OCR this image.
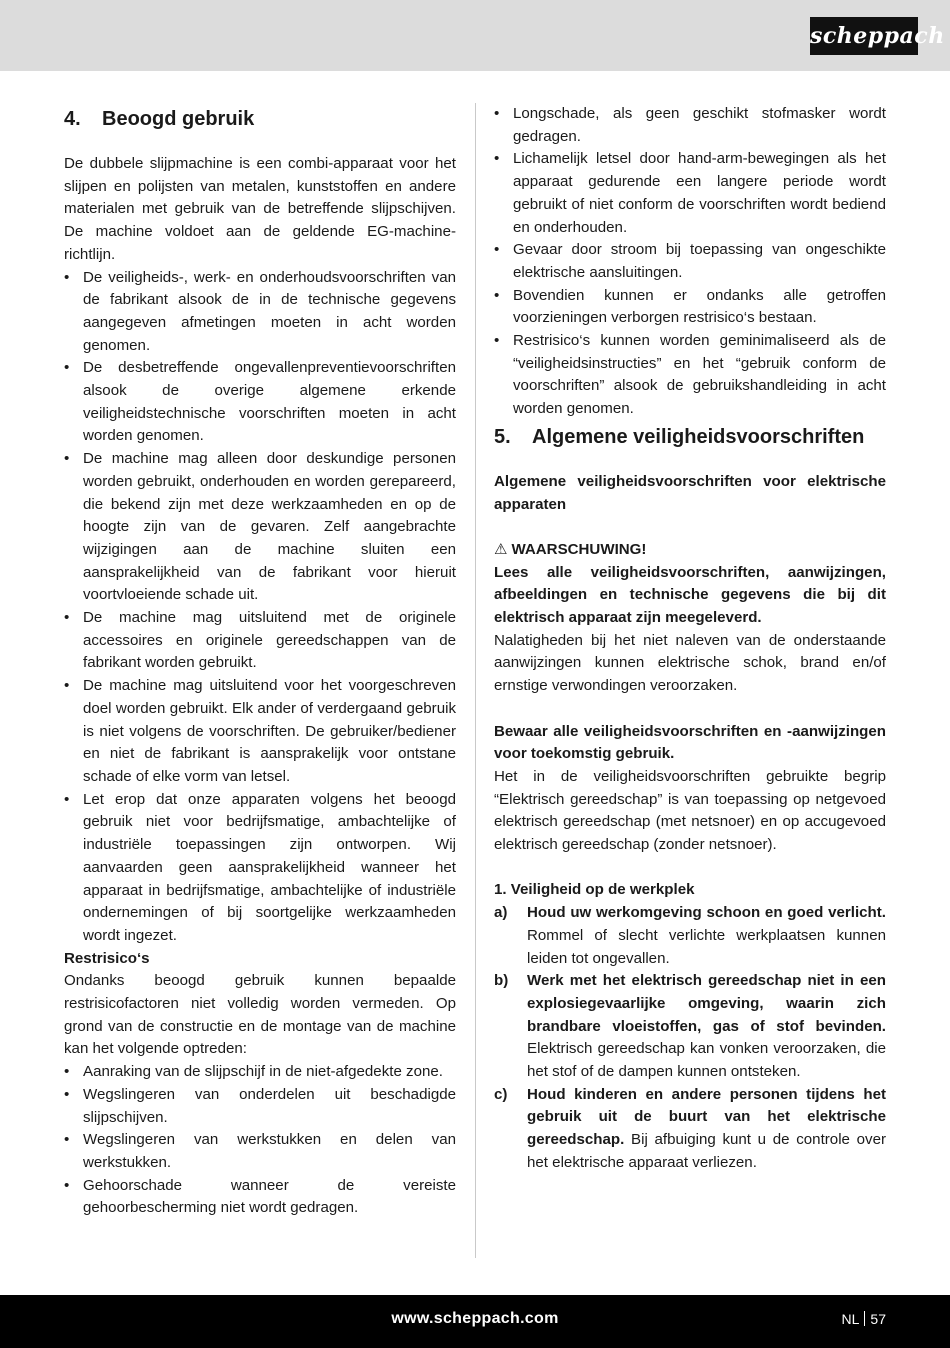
scheppach
4.	Beoogd gebruik
De dubbele slijpmachine is een combi-apparaat voor het slijpen en polijsten van metalen, kunststoffen en andere materialen met gebruik van de betreffende slijpschijven. De machine voldoet aan de geldende EG-machine-richtlijn.
• De veiligheids-, werk- en onderhoudsvoorschriften van de fabrikant alsook de in de technische gegevens aangegeven afmetingen moeten in acht worden genomen.
• De desbetreffende ongevallenpreventievoorschriften alsook de overige algemene erkende veiligheidstechnische voorschriften moeten in acht worden genomen.
• De machine mag alleen door deskundige personen worden gebruikt, onderhouden en worden gerepareerd, die bekend zijn met deze werkzaamheden en op de hoogte zijn van de gevaren. Zelf aangebrachte wijzigingen aan de machine sluiten een aansprakelijkheid van de fabrikant voor hieruit voortvloeiende schade uit.
• De machine mag uitsluitend met de originele accessoires en originele gereedschappen van de fabrikant worden gebruikt.
• De machine mag uitsluitend voor het voorgeschreven doel worden gebruikt. Elk ander of verdergaand gebruik is niet volgens de voorschriften. De gebruiker/bediener en niet de fabrikant is aansprakelijk voor ontstane schade of elke vorm van letsel.
• Let erop dat onze apparaten volgens het beoogd gebruik niet voor bedrijfsmatige, ambachtelijke of industriële toepassingen zijn ontworpen. Wij aanvaarden geen aansprakelijkheid wanneer het apparaat in bedrijfsmatige, ambachtelijke of industriële ondernemingen of bij soortgelijke werkzaamheden wordt ingezet.
Restrisico‘s
Ondanks beoogd gebruik kunnen bepaalde restrisicofactoren niet volledig worden vermeden. Op grond van de constructie en de montage van de machine kan het volgende optreden:
• Aanraking van de slijpschijf in de niet-afgedekte zone.
• Wegslingeren van onderdelen uit beschadigde slijpschijven.
• Wegslingeren van werkstukken en delen van werkstukken.
• Gehoorschade wanneer de vereiste gehoorbescherming niet wordt gedragen.
• Longschade, als geen geschikt stofmasker wordt gedragen.
• Lichamelijk letsel door hand-arm-bewegingen als het apparaat gedurende een langere periode wordt gebruikt of niet conform de voorschriften wordt bediend en onderhouden.
• Gevaar door stroom bij toepassing van ongeschikte elektrische aansluitingen.
• Bovendien kunnen er ondanks alle getroffen voorzieningen verborgen restrisico‘s bestaan.
• Restrisico‘s kunnen worden geminimaliseerd als de “veiligheidsinstructies” en het “gebruik conform de voorschriften” alsook de gebruikshandleiding in acht worden genomen.
5.	Algemene veiligheidsvoorschriften
Algemene veiligheidsvoorschriften voor elektrische apparaten
⚠ WAARSCHUWING!
Lees alle veiligheidsvoorschriften, aanwijzingen, afbeeldingen en technische gegevens die bij dit elektrisch apparaat zijn meegeleverd.
Nalatigheden bij het niet naleven van de onderstaande aanwijzingen kunnen elektrische schok, brand en/of ernstige verwondingen veroorzaken.
Bewaar alle veiligheidsvoorschriften en -aanwijzingen voor toekomstig gebruik.
Het in de veiligheidsvoorschriften gebruikte begrip “Elektrisch gereedschap” is van toepassing op netgevoed elektrisch gereedschap (met netsnoer) en op accugevoed elektrisch gereedschap (zonder netsnoer).
1. Veiligheid op de werkplek
a) Houd uw werkomgeving schoon en goed verlicht. Rommel of slecht verlichte werkplaatsen kunnen leiden tot ongevallen.
b) Werk met het elektrisch gereedschap niet in een explosiegevaarlijke omgeving, waarin zich brandbare vloeistoffen, gas of stof bevinden. Elektrisch gereedschap kan vonken veroorzaken, die het stof of de dampen kunnen ontsteken.
c) Houd kinderen en andere personen tijdens het gebruik uit de buurt van het elektrische gereedschap. Bij afbuiging kunt u de controle over het elektrische apparaat verliezen.
www.scheppach.com	NL 57
